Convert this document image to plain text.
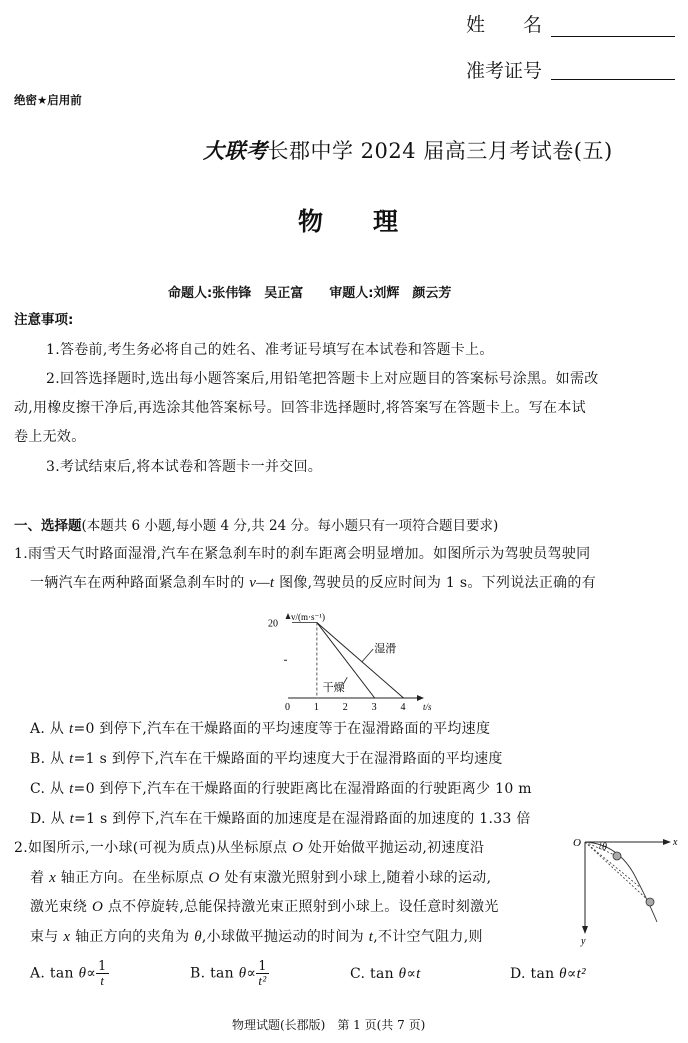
姓　　名
准考证号
绝密★启用前
大联考长郡中学 2024 届高三月考试卷(五)
物　　理
命题人:张伟锋　吴正富　　审题人:刘辉　颜云芳
注意事项:
1.答卷前,考生务必将自己的姓名、准考证号填写在本试卷和答题卡上。
2.回答选择题时,选出每小题答案后,用铅笔把答题卡上对应题目的答案标号涂黑。如需改
动,用橡皮擦干净后,再选涂其他答案标号。回答非选择题时,将答案写在答题卡上。写在本试
卷上无效。
3.考试结束后,将本试卷和答题卡一并交回。
一、选择题(本题共 6 小题,每小题 4 分,共 24 分。每小题只有一项符合题目要求)
1.雨雪天气时路面湿滑,汽车在紧急刹车时的刹车距离会明显增加。如图所示为驾驶员驾驶同
一辆汽车在两种路面紧急刹车时的 v—t 图像,驾驶员的反应时间为 1 s。下列说法正确的有
v/(m·s⁻¹)
t/s
0 1 2 3 4
20
湿滑
干燥
A. 从 t=0 到停下,汽车在干燥路面的平均速度等于在湿滑路面的平均速度
B. 从 t=1 s 到停下,汽车在干燥路面的平均速度大于在湿滑路面的平均速度
C. 从 t=0 到停下,汽车在干燥路面的行驶距离比在湿滑路面的行驶距离少 10 m
D. 从 t=1 s 到停下,汽车在干燥路面的加速度是在湿滑路面的加速度的 1.33 倍
2.如图所示,一小球(可视为质点)从坐标原点 O 处开始做平抛运动,初速度沿
着 x 轴正方向。在坐标原点 O 处有束激光照射到小球上,随着小球的运动,
激光束绕 O 点不停旋转,总能保持激光束正照射到小球上。设任意时刻激光
束与 x 轴正方向的夹角为 θ,小球做平抛运动的时间为 t,不计空气阻力,则
O	x
y
θ
A. $\tan \theta\propto \frac{1}{t}$	B. $\tan \theta\propto \frac{1}{\text{t²}}$	C. tan θ∝t	D. tan θ∝t²
物理试题(长郡版)　第 1 页(共 7 页)
